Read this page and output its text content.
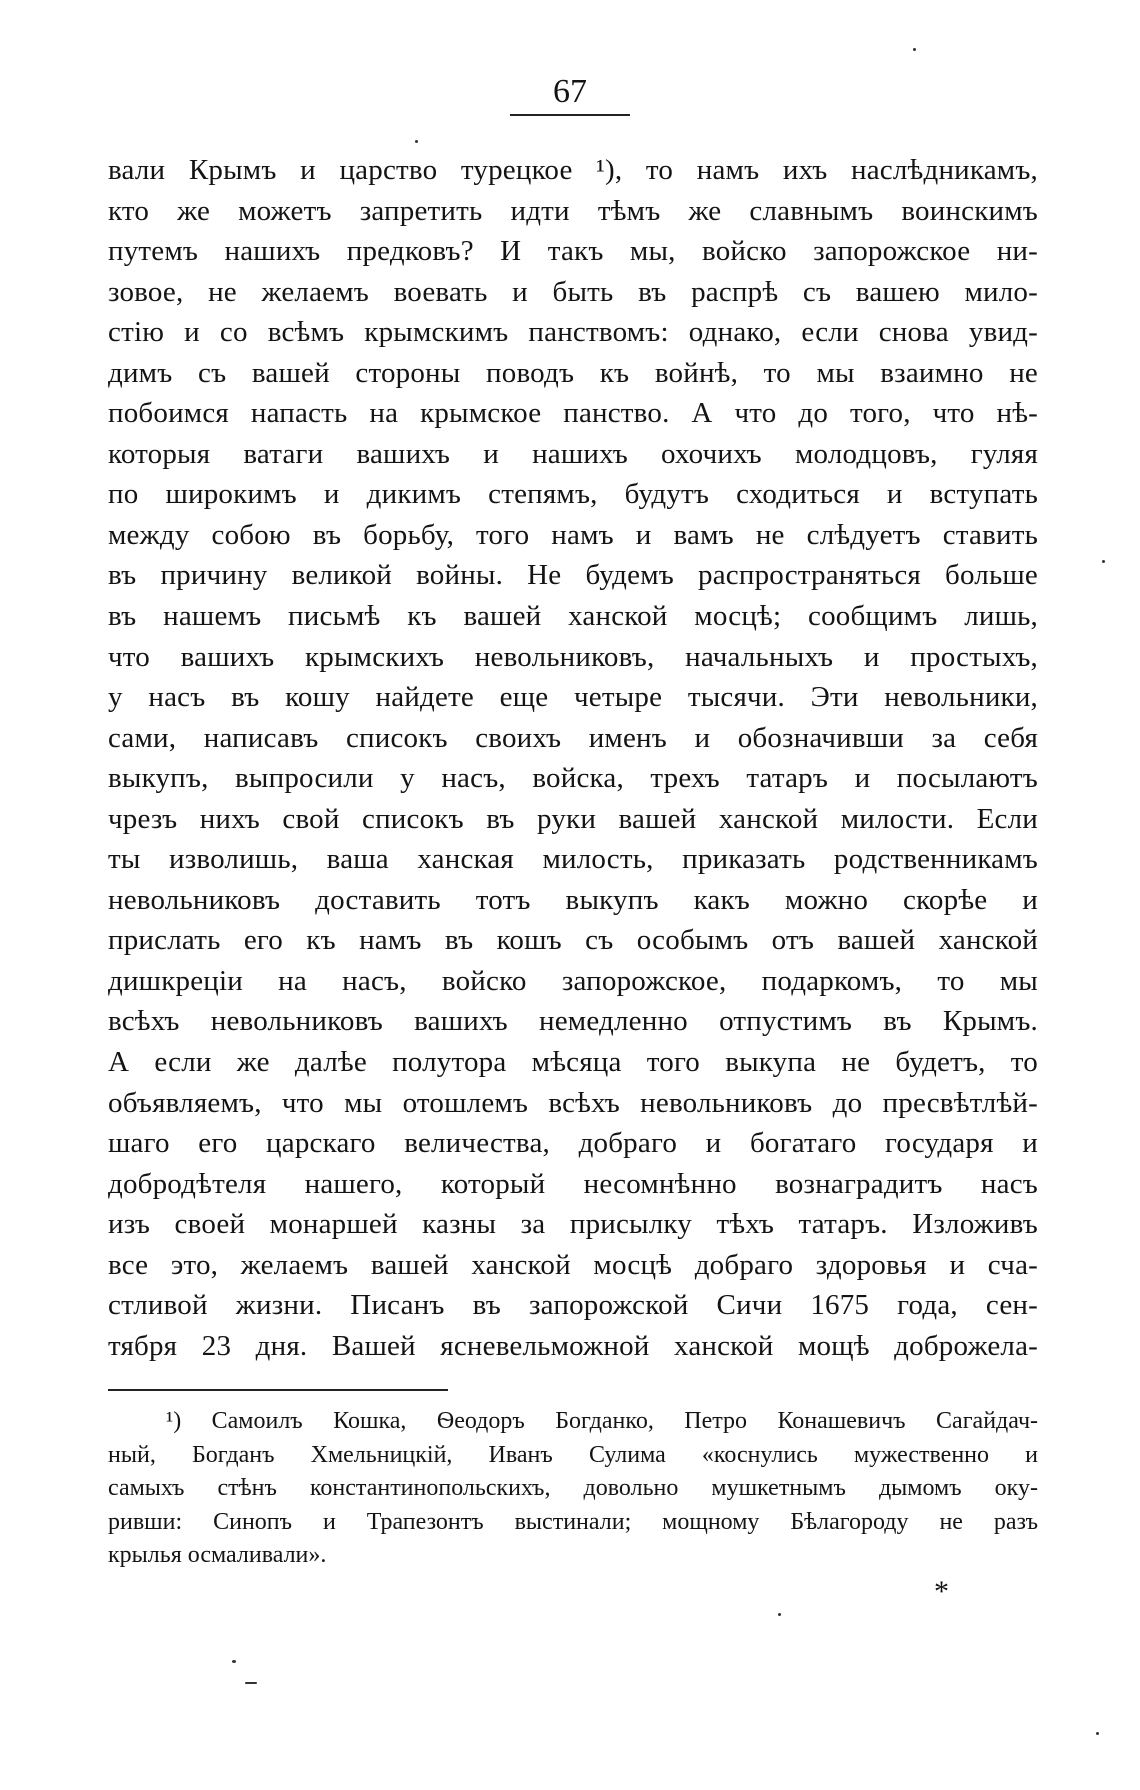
67
вали Крымъ и царство турецкое ¹), то намъ ихъ наслѣдникамъ,
кто же можетъ запретить идти тѣмъ же славнымъ воинскимъ
путемъ нашихъ предковъ? И такъ мы, войско запорожское ни-
зовое, не желаемъ воевать и быть въ распрѣ съ вашею мило-
стію и со всѣмъ крымскимъ панствомъ: однако, если снова увид-
димъ съ вашей стороны поводъ къ войнѣ, то мы взаимно не
побоимся напасть на крымское панство. А что до того, что нѣ-
которыя ватаги вашихъ и нашихъ охочихъ молодцовъ, гуляя
по широкимъ и дикимъ степямъ, будутъ сходиться и вступать
между собою въ борьбу, того намъ и вамъ не слѣдуетъ ставить
въ причину великой войны. Не будемъ распространяться больше
въ нашемъ письмѣ къ вашей ханской мосцѣ; сообщимъ лишь,
что вашихъ крымскихъ невольниковъ, начальныхъ и простыхъ,
у насъ въ кошу найдете еще четыре тысячи. Эти невольники,
сами, написавъ списокъ своихъ именъ и обозначивши за себя
выкупъ, выпросили у насъ, войска, трехъ татаръ и посылаютъ
чрезъ нихъ свой списокъ въ руки вашей ханской милости. Если
ты изволишь, ваша ханская милость, приказать родственникамъ
невольниковъ доставить тотъ выкупъ какъ можно скорѣе и
прислать его къ намъ въ кошъ съ особымъ отъ вашей ханской
дишкреціи на насъ, войско запорожское, подаркомъ, то мы
всѣхъ невольниковъ вашихъ немедленно отпустимъ въ Крымъ.
А если же далѣе полутора мѣсяца того выкупа не будетъ, то
объявляемъ, что мы отошлемъ всѣхъ невольниковъ до пресвѣтлѣй-
шаго его царскаго величества, добраго и богатаго государя и
добродѣтеля нашего, который несомнѣнно вознаградитъ насъ
изъ своей монаршей казны за присылку тѣхъ татаръ. Изложивъ
все это, желаемъ вашей ханской мосцѣ добраго здоровья и сча-
стливой жизни. Писанъ въ запорожской Сичи 1675 года, сен-
тября 23 дня. Вашей ясневельможной ханской мощѣ доброжела-
¹) Самоилъ Кошка, Ѳеодоръ Богданко, Петро Конашевичъ Сагайдач-
ный, Богданъ Хмельницкій, Иванъ Сулима «коснулись мужественно и
самыхъ стѣнъ константинопольскихъ, довольно мушкетнымъ дымомъ оку-
ривши: Синопъ и Трапезонтъ выстинали; мощному Бѣлагороду не разъ
крылья осмаливали».
*
